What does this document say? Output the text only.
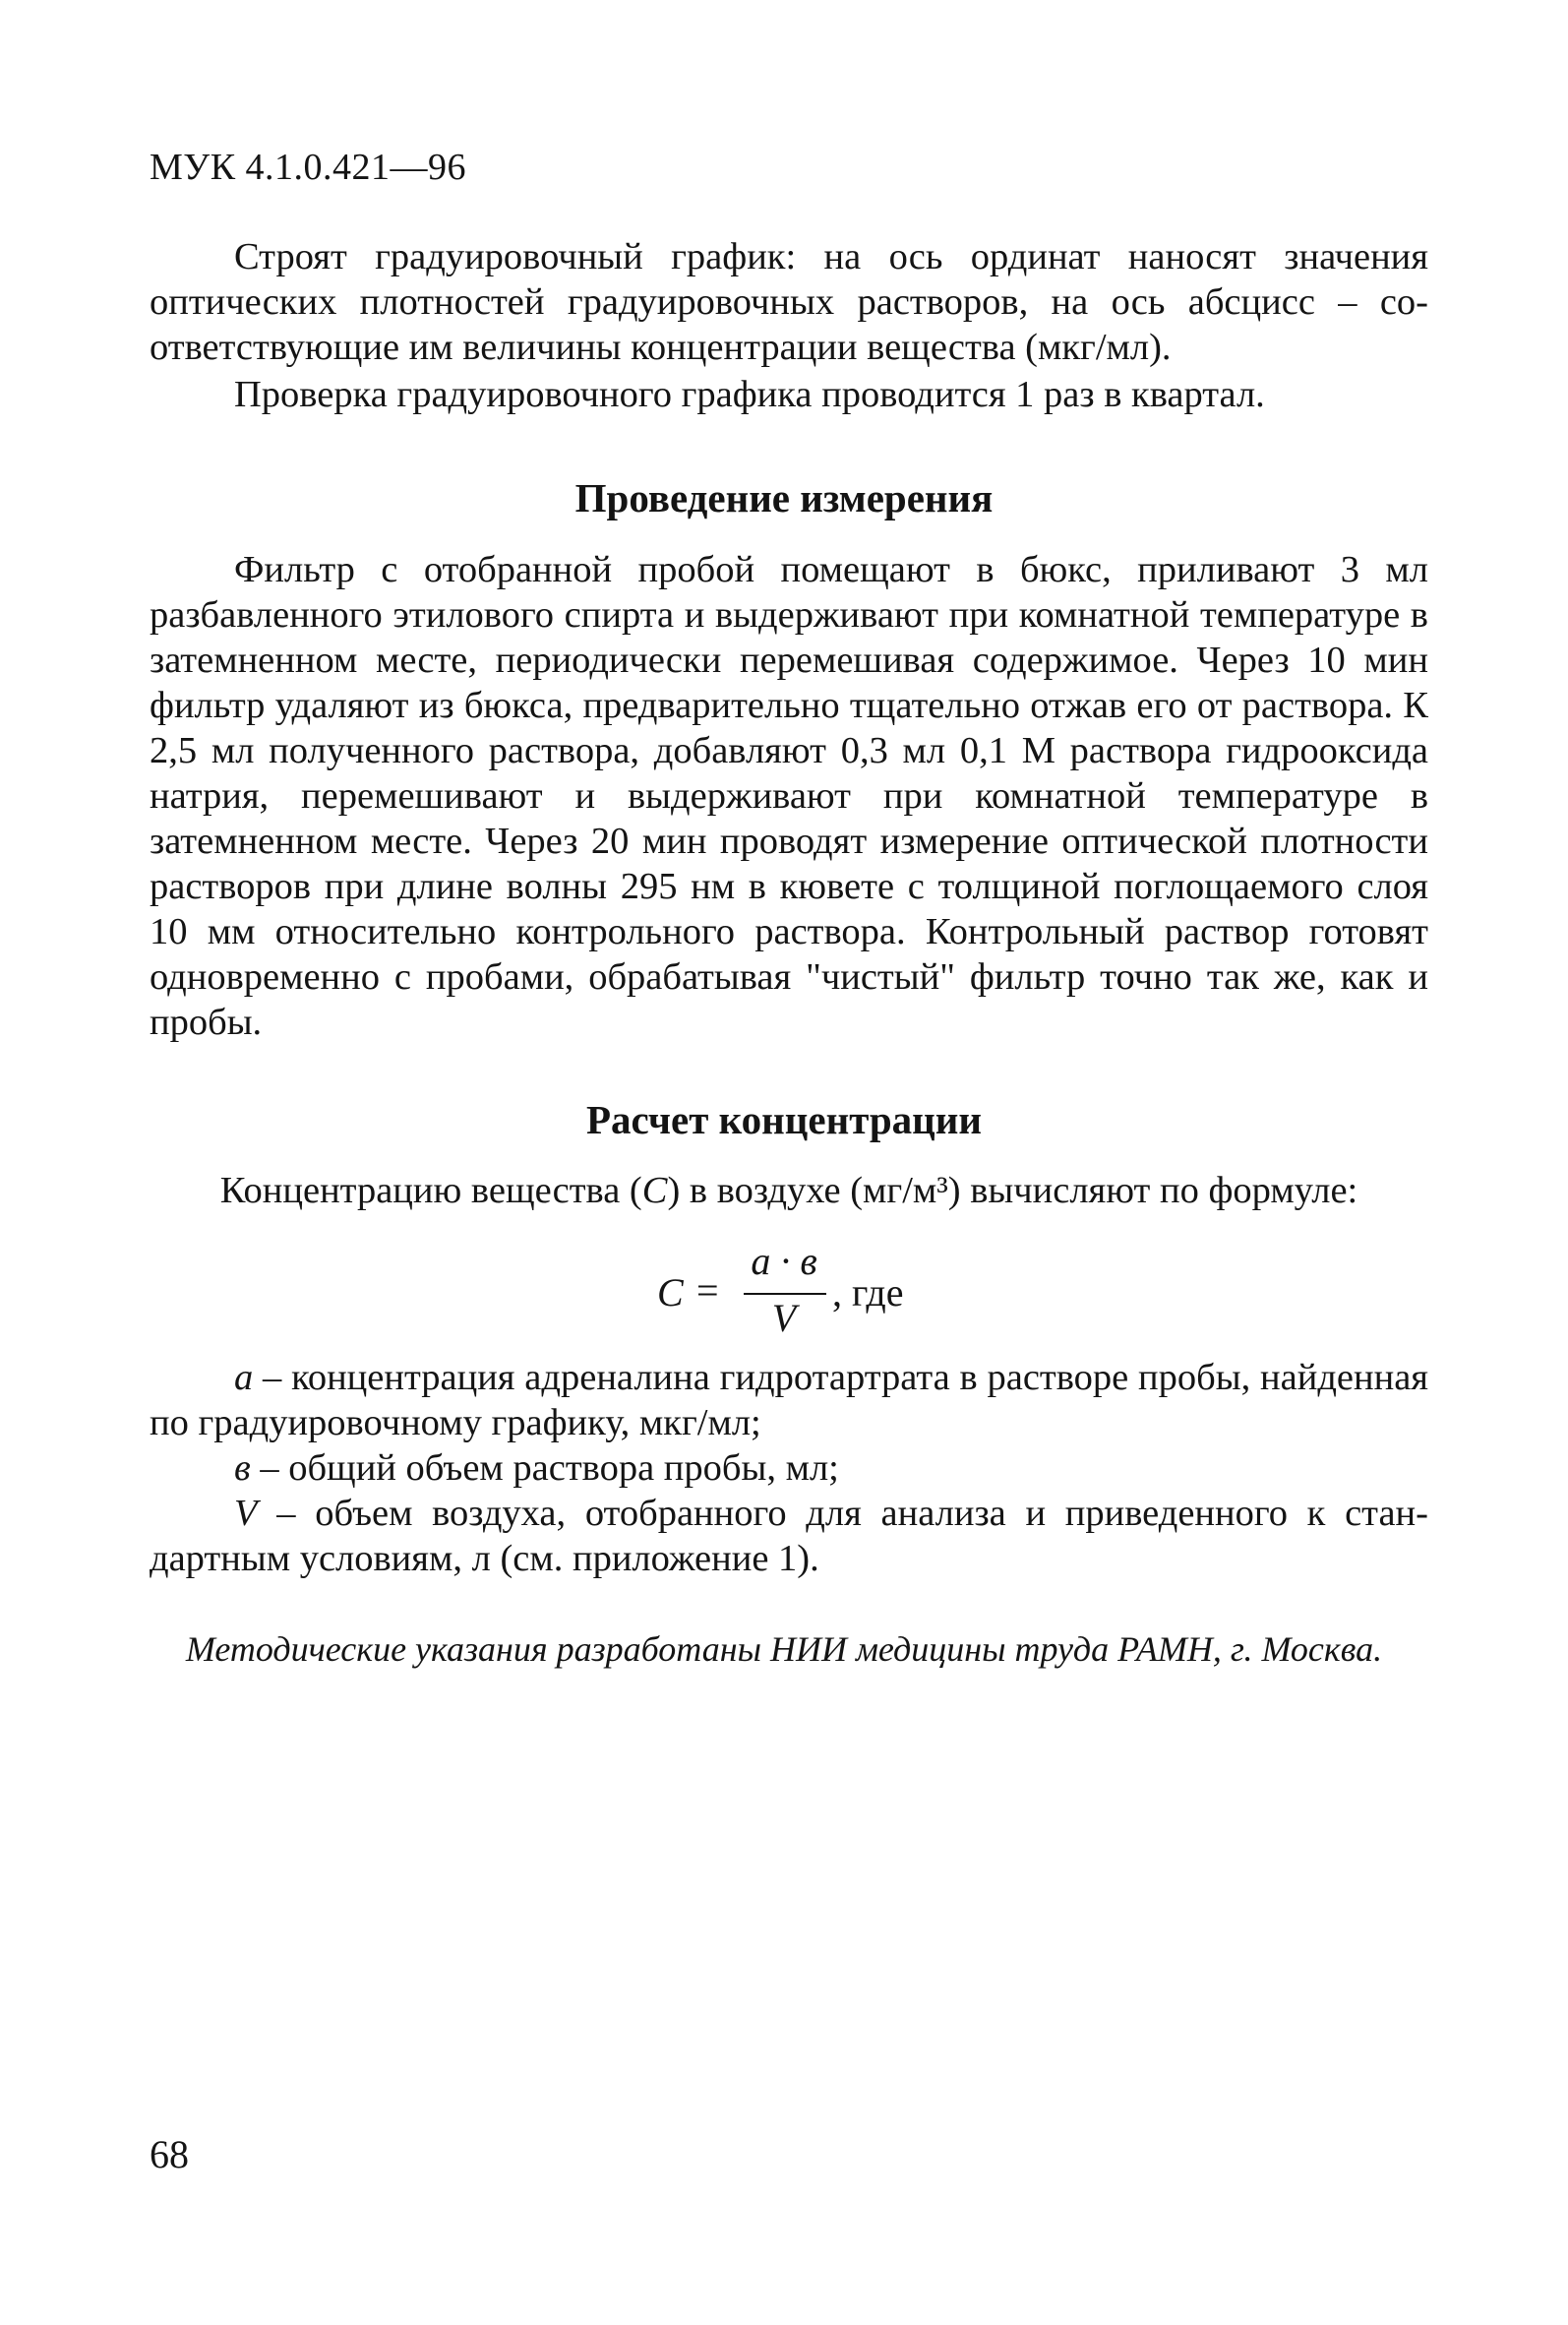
МУК 4.1.0.421—96

Строят градуировочный график: на ось ординат наносят значения оптических плотностей градуировочных растворов, на ось абсцисс – соответствующие им величины концентрации вещества (мкг/мл).

Проверка градуировочного графика проводится 1 раз в квартал.

Проведение измерения

Фильтр с отобранной пробой помещают в бюкс, приливают 3 мл разбавленного этилового спирта и выдерживают при комнатной температуре в затемненном месте, периодически перемешивая содержимое. Через 10 мин фильтр удаляют из бюкса, предварительно тщательно отжав его от раствора. К 2,5 мл полученного раствора, добавляют 0,3 мл 0,1 М раствора гидрооксида натрия, перемешивают и выдерживают при комнатной температуре в затемненном месте. Через 20 мин проводят измерение оптической плотности растворов при длине волны 295 нм в кювете с толщиной поглощаемого слоя 10 мм относительно контрольного раствора. Контрольный раствор готовят одновременно с пробами, обрабатывая "чистый" фильтр точно так же, как и пробы.

Расчет концентрации
Концентрацию вещества (С) в воздухе (мг/м³) вычисляют по формуле:
С =
а · в
V
, где

а – концентрация адреналина гидротартрата в растворе пробы, найденная по градуировочному графику, мкг/мл;

в – общий объем раствора пробы, мл;

V – объем воздуха, отобранного для анализа и приведенного к стандартным условиям, л (см. приложение 1).

Методические указания разработаны НИИ медицины труда РАМН, г. Москва.
68
